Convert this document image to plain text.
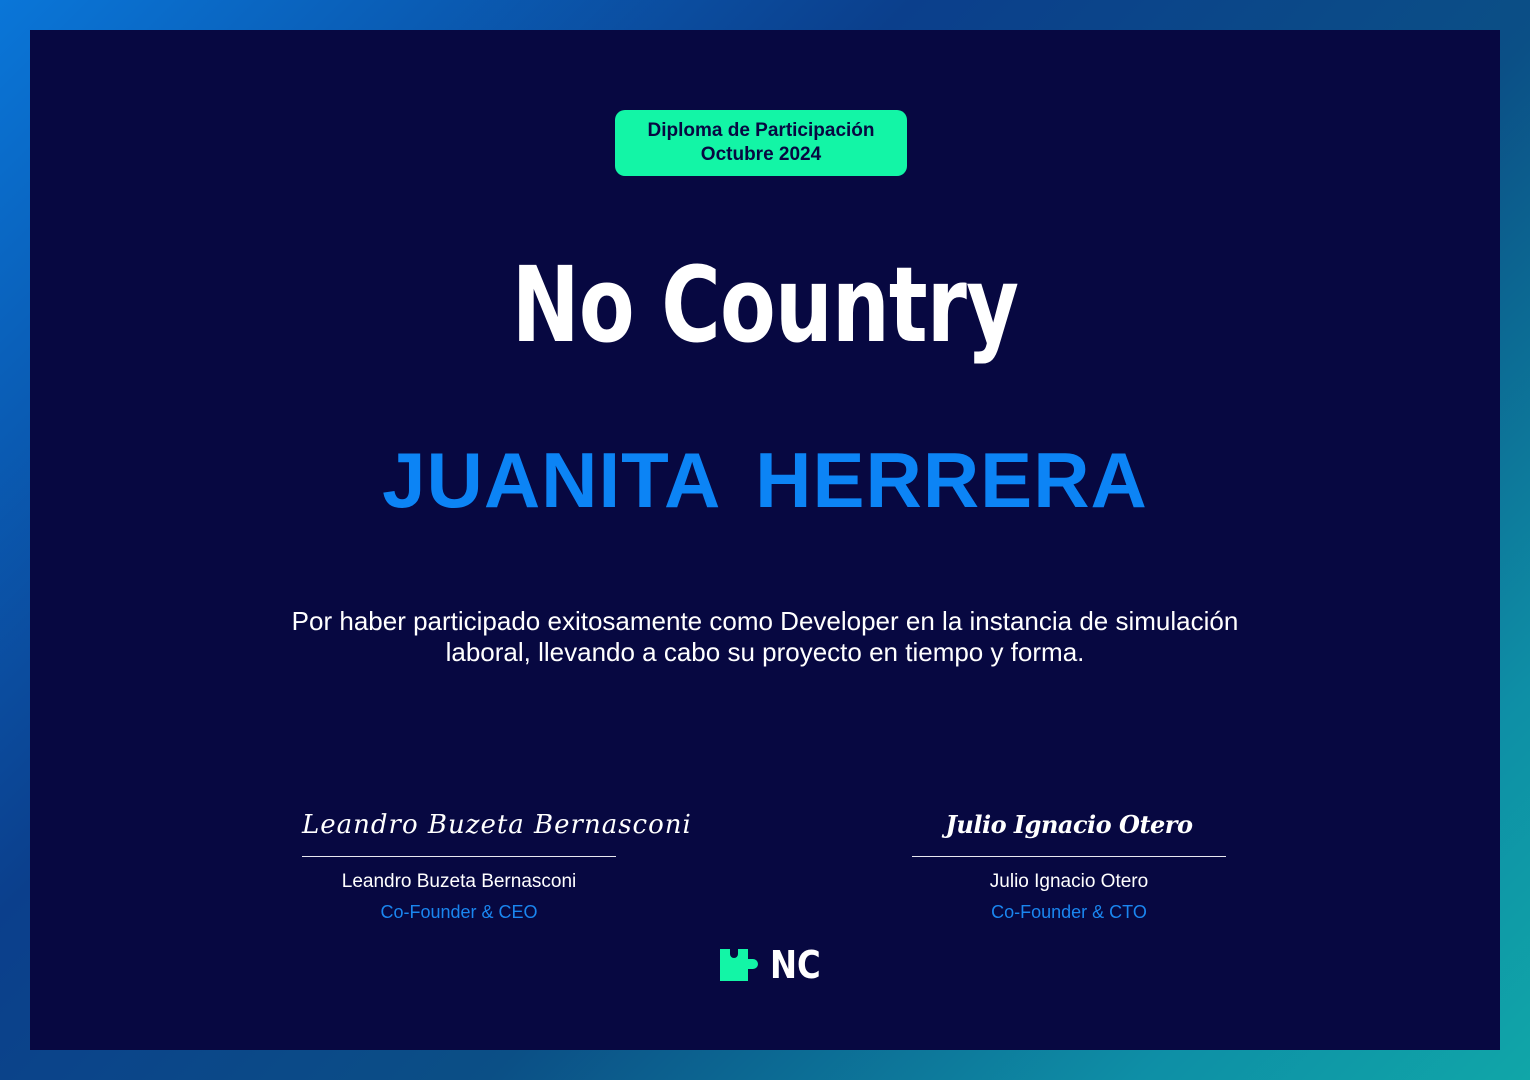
Diploma de Participación
Octubre 2024
No Country
JUANITA HERRERA
Por haber participado exitosamente como Developer en la instancia de simulación
laboral, llevando a cabo su proyecto en tiempo y forma.
Leandro Buzeta Bernasconi
Leandro Buzeta Bernasconi
Co-Founder & CEO
Julio Ignacio Otero
Julio Ignacio Otero
Co-Founder & CTO
NC
